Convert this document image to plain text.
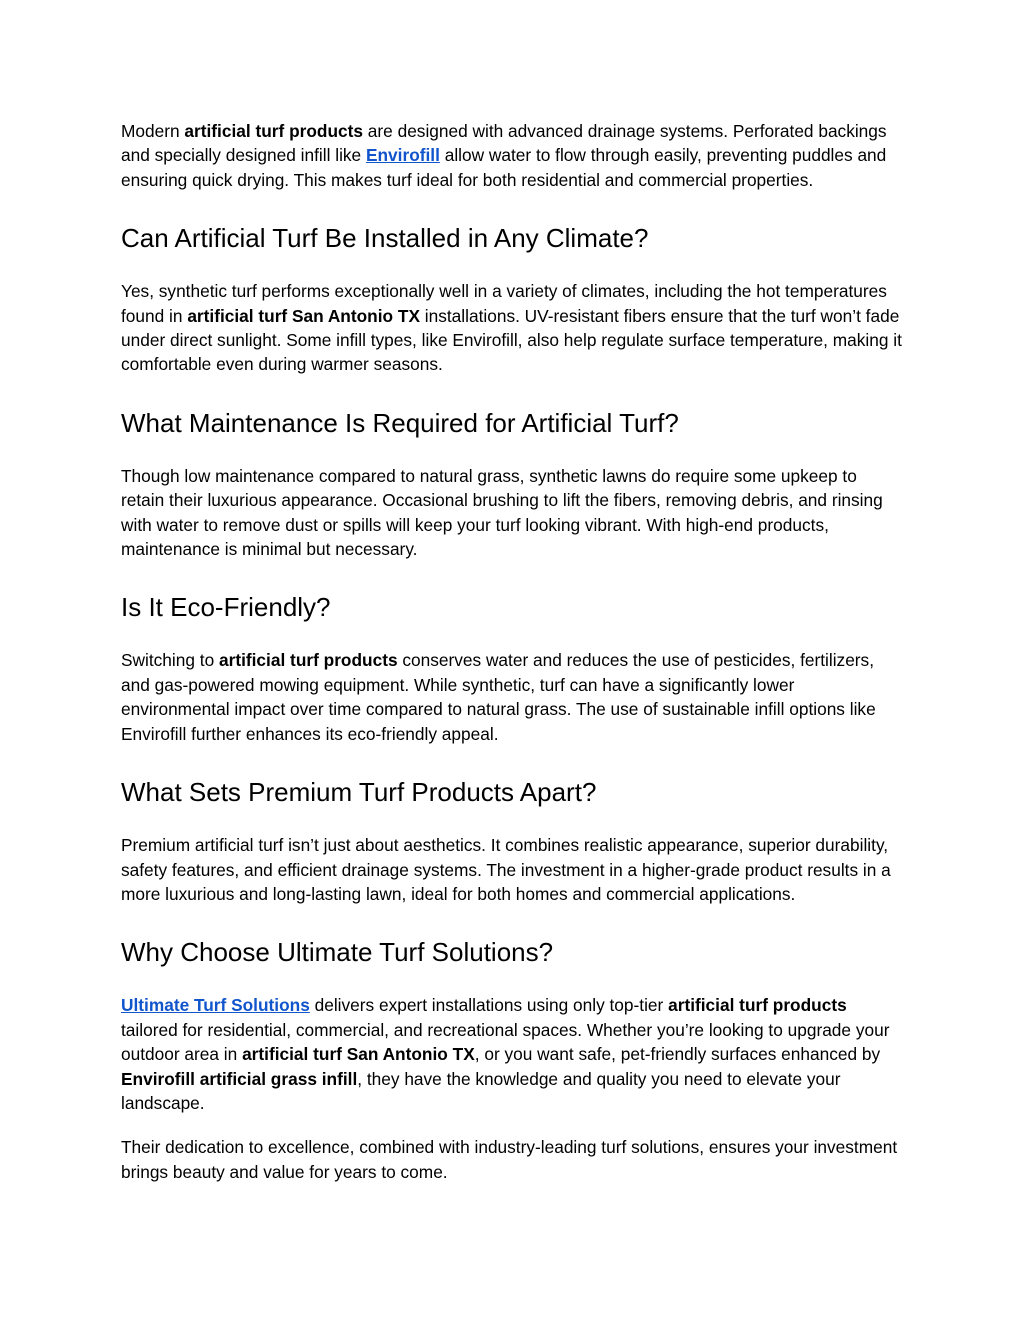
Modern artificial turf products are designed with advanced drainage systems. Perforated backings and specially designed infill like Envirofill allow water to flow through easily, preventing puddles and ensuring quick drying. This makes turf ideal for both residential and commercial properties.

Can Artificial Turf Be Installed in Any Climate?

Yes, synthetic turf performs exceptionally well in a variety of climates, including the hot temperatures found in artificial turf San Antonio TX installations. UV-resistant fibers ensure that the turf won’t fade under direct sunlight. Some infill types, like Envirofill, also help regulate surface temperature, making it comfortable even during warmer seasons.

What Maintenance Is Required for Artificial Turf?

Though low maintenance compared to natural grass, synthetic lawns do require some upkeep to retain their luxurious appearance. Occasional brushing to lift the fibers, removing debris, and rinsing with water to remove dust or spills will keep your turf looking vibrant. With high-end products, maintenance is minimal but necessary.

Is It Eco-Friendly?

Switching to artificial turf products conserves water and reduces the use of pesticides, fertilizers, and gas-powered mowing equipment. While synthetic, turf can have a significantly lower environmental impact over time compared to natural grass. The use of sustainable infill options like Envirofill further enhances its eco-friendly appeal.

What Sets Premium Turf Products Apart?

Premium artificial turf isn’t just about aesthetics. It combines realistic appearance, superior durability, safety features, and efficient drainage systems. The investment in a higher-grade product results in a more luxurious and long-lasting lawn, ideal for both homes and commercial applications.

Why Choose Ultimate Turf Solutions?

Ultimate Turf Solutions delivers expert installations using only top-tier artificial turf products tailored for residential, commercial, and recreational spaces. Whether you’re looking to upgrade your outdoor area in artificial turf San Antonio TX, or you want safe, pet-friendly surfaces enhanced by Envirofill artificial grass infill, they have the knowledge and quality you need to elevate your landscape.

Their dedication to excellence, combined with industry-leading turf solutions, ensures your investment brings beauty and value for years to come.
